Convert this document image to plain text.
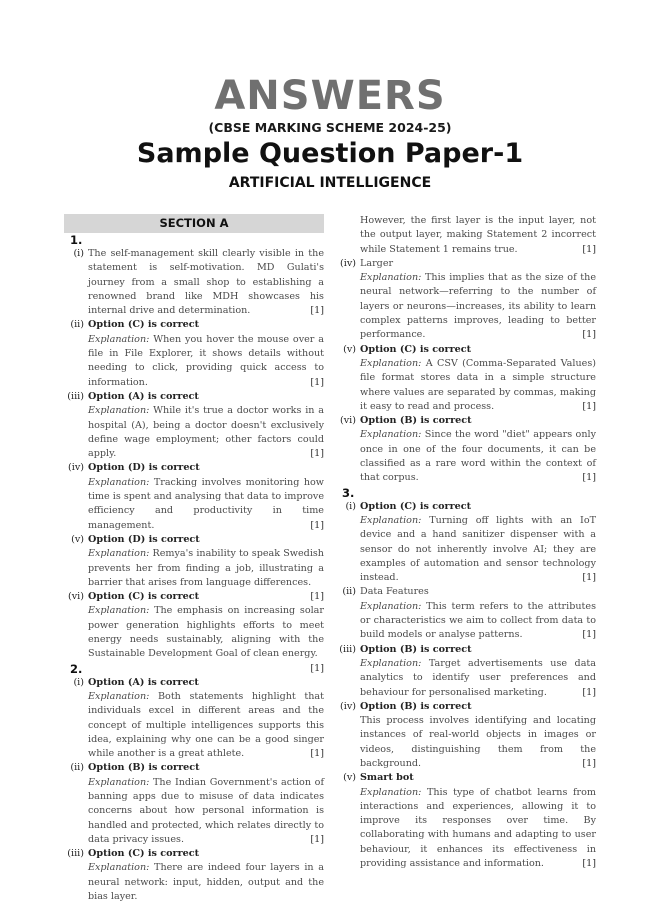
ANSWERS
(CBSE MARKING SCHEME 2024-25)
Sample Question Paper-1
ARTIFICIAL INTELLIGENCE
SECTION A
1.
(i) The self-management skill clearly visible in the statement is self-motivation. MD Gulati's journey from a small shop to establishing a renowned brand like MDH showcases his internal drive and determination.	[1]
(ii) Option (C) is correct
Explanation: When you hover the mouse over a file in File Explorer, it shows details without needing to click, providing quick access to information.	[1]
(iii) Option (A) is correct
Explanation: While it's true a doctor works in a hospital (A), being a doctor doesn't exclusively define wage employment; other factors could apply.	[1]
(iv) Option (D) is correct
Explanation: Tracking involves monitoring how time is spent and analysing that data to improve efficiency and productivity in time management.	[1]
(v) Option (D) is correct
Explanation: Remya's inability to speak Swedish prevents her from finding a job, illustrating a barrier that arises from language differences.
[1]
(vi) Option (C) is correct
Explanation: The emphasis on increasing solar power generation highlights efforts to meet energy needs sustainably, aligning with the Sustainable Development Goal of clean energy.
[1]
2.
(i) Option (A) is correct
Explanation: Both statements highlight that individuals excel in different areas and the concept of multiple intelligences supports this idea, explaining why one can be a good singer while another is a great athlete.	[1]
(ii) Option (B) is correct
Explanation: The Indian Government's action of banning apps due to misuse of data indicates concerns about how personal information is handled and protected, which relates directly to data privacy issues.	[1]
(iii) Option (C) is correct
Explanation: There are indeed four layers in a neural network: input, hidden, output and the bias layer.
However, the first layer is the input layer, not the output layer, making Statement 2 incorrect while Statement 1 remains true.	[1]
(iv) Larger
Explanation: This implies that as the size of the neural network—referring to the number of layers or neurons—increases, its ability to learn complex patterns improves, leading to better performance.	[1]
(v) Option (C) is correct
Explanation: A CSV (Comma-Separated Values) file format stores data in a simple structure where values are separated by commas, making it easy to read and process.	[1]
(vi) Option (B) is correct
Explanation: Since the word "diet" appears only once in one of the four documents, it can be classified as a rare word within the context of that corpus.	[1]
3.
(i) Option (C) is correct
Explanation: Turning off lights with an IoT device and a hand sanitizer dispenser with a sensor do not inherently involve AI; they are examples of automation and sensor technology instead.	[1]
(ii) Data Features
Explanation: This term refers to the attributes or characteristics we aim to collect from data to build models or analyse patterns.	[1]
(iii) Option (B) is correct
Explanation: Target advertisements use data analytics to identify user preferences and behaviour for personalised marketing.	[1]
(iv) Option (B) is correct
This process involves identifying and locating instances of real-world objects in images or videos, distinguishing them from the background.	[1]
(v) Smart bot
Explanation: This type of chatbot learns from interactions and experiences, allowing it to improve its responses over time. By collaborating with humans and adapting to user behaviour, it enhances its effectiveness in providing assistance and information.	[1]
